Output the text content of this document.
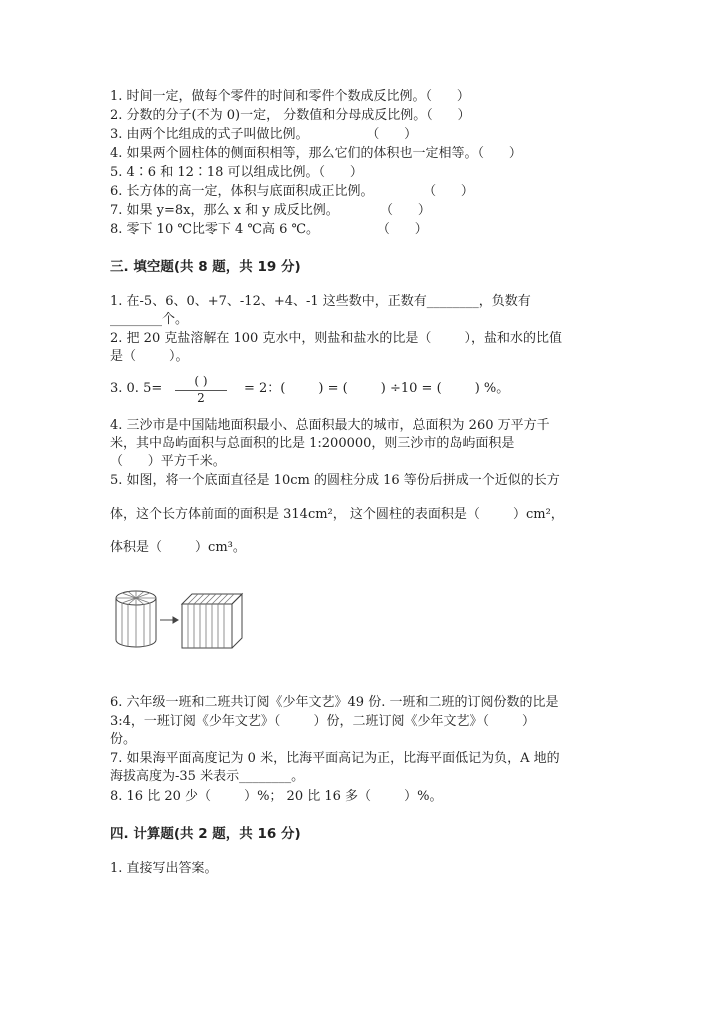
1. 时间一定，做每个零件的时间和零件个数成反比例。（      ）
2. 分数的分子(不为 0)一定， 分数值和分母成反比例。（      ）
3. 由两个比组成的式子叫做比例。              （      ）
4. 如果两个圆柱体的侧面积相等，那么它们的体积也一定相等。（      ）
5. 4∶6 和 12∶18 可以组成比例。（      ）
6. 长方体的高一定，体积与底面积成正比例。            （      ）
7. 如果 y=8x，那么 x 和 y 成反比例。          （      ）
8. 零下 10 ℃比零下 4 ℃高 6 ℃。              （      ）
三. 填空题(共 8 题，共 19 分)
1. 在-5、6、0、+7、-12、+4、-1 这些数中，正数有________，负数有
________个。
2. 把 20 克盐溶解在 100 克水中，则盐和盐水的比是（        ），盐和水的比值
是（        ）。
3. 0. 5=	( )
2
= 2：(        ) = (        ) ÷10 = (        ) %。
4. 三沙市是中国陆地面积最小、总面积最大的城市，总面积为 260 万平方千
米，其中岛屿面积与总面积的比是 1:200000，则三沙市的岛屿面积是
（      ）平方千米。
5. 如图，将一个底面直径是 10cm 的圆柱分成 16 等份后拼成一个近似的长方
体，这个长方体前面的面积是 314cm²， 这个圆柱的表面积是（        ）cm²，
体积是（        ）cm³。
6. 六年级一班和二班共订阅《少年文艺》49 份. 一班和二班的订阅份数的比是
3:4，一班订阅《少年文艺》（        ）份，二班订阅《少年文艺》（        ）
份。
7. 如果海平面高度记为 0 米，比海平面高记为正，比海平面低记为负，A 地的
海拔高度为-35 米表示________。
8. 16 比 20 少（        ）%； 20 比 16 多（        ）%。
四. 计算题(共 2 题，共 16 分)
1. 直接写出答案。
